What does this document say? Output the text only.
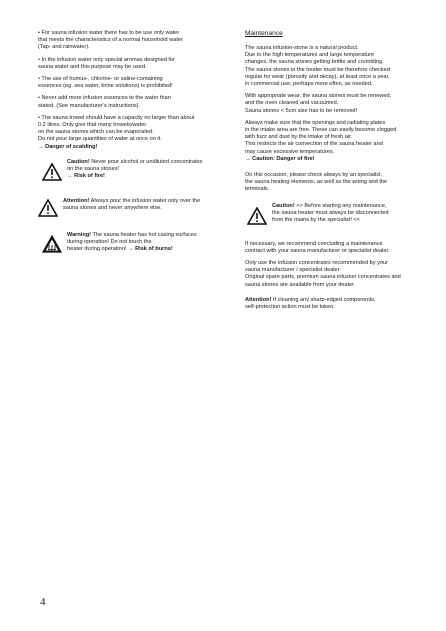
• For sauna infusion water there has to be use only water
that meets the characteristics of a normal household water
(Tap- and rainwater).
• In the infusion water only special aromas designed for
sauna water and this purpose may be used.
• The use of humus-, chlorine- or saline-containing
essences (eg. sea water, brine solutions) is prohibited!
• Never add more infusion essences to the water than
stated. (See manufacturer’s instructions).
• The sauna trowel should have a capacity no larger than about
0.2 litres. Only give that many trowels/water
on the sauna stones which can be evaporated.
Do not pour large quantities of water at once on it.
→ Danger of scalding!
Caution! Never pour alcohol or undiluted concentrates
on the sauna stones!
→ Risk of fire!
Attention! Always pour the infusion water only over the
sauna stones and never anywhere else.
Warning! The sauna heater has hot casing surfaces
during operation! Do not touch the
heater during operation! → Risk of burns!
Maintenance
The sauna infusion-stone is a natural product.
Due to the high temperatures and large temperature
changes, the sauna stones getting brittle and crumbling.
The sauna stones in the heater must be therefore checked
regular for wear (porosity and decay), at least once a year,
in commercial use, perhaps more often, as needed.
With appropriate wear, the sauna stones must be renewed,
and the oven cleaned and vacuumed.
Sauna stones < 5cm size has to be removed!
Always make sure that the openings and radiating plates
in the intake area are free. These can easily become clogged
with fuzz and dust by the intake of fresh air.
This restricts the air convection of the sauna heater and
may cause excessive temperatures.
→ Caution: Danger of fire!
On this occasion, please check always by an specialist,
the sauna heating elements, as well as the wiring and the
terminals.
Caution! >> Before starting any maintenance,
the sauna heater must always be disconnected
from the mains by the specialist! <<
If necessary, we recommend concluding a maintenance
contract with your sauna manufacturer or specialist dealer.
Only use the infusion concentrates recommended by your
sauna manufacturer / specialist dealer.
Original spare parts, premium sauna infusion concentrates and
sauna stones are available from your dealer.
Attention! If cleaning any sharp-edged components,
self-protection action must be taken.
4
